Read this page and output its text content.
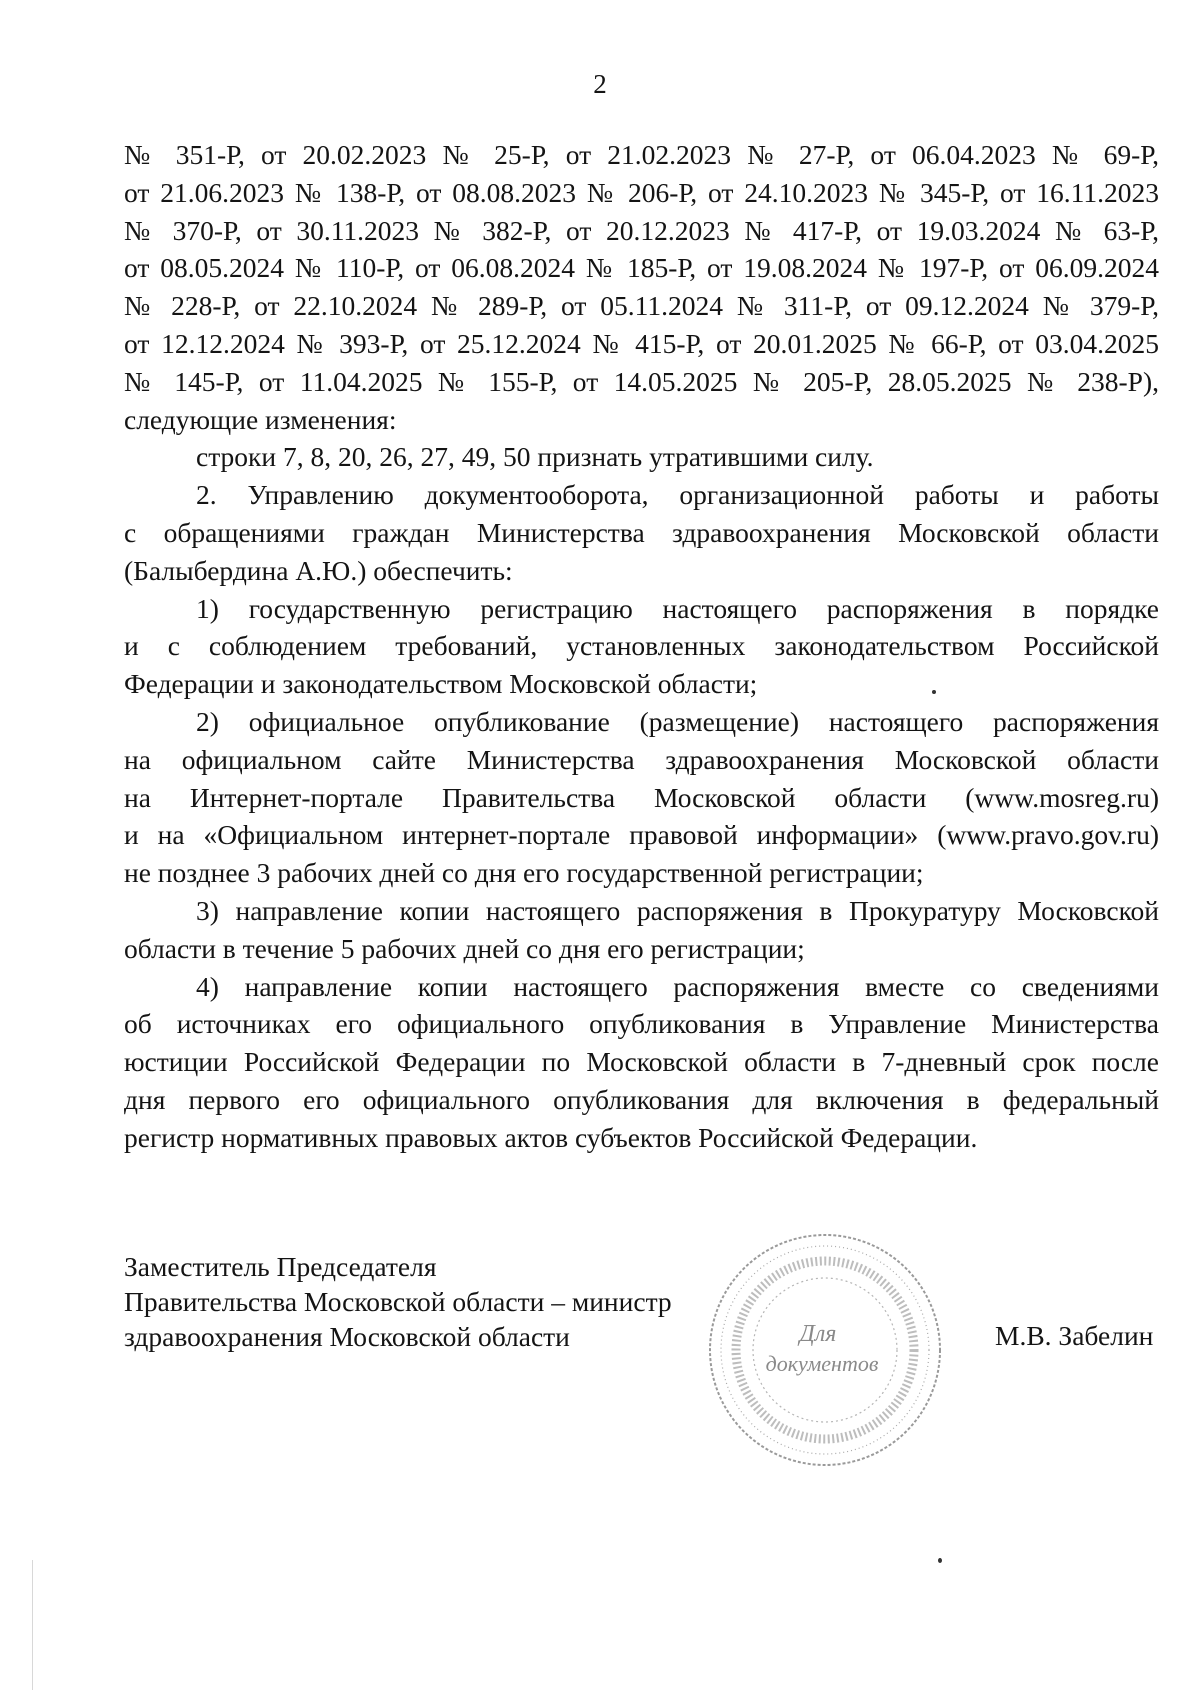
2
№ 351-Р, от 20.02.2023 № 25-Р, от 21.02.2023 № 27-Р, от 06.04.2023 № 69-Р,
от 21.06.2023 № 138-Р, от 08.08.2023 № 206-Р, от 24.10.2023 № 345-Р, от 16.11.2023
№ 370-Р, от 30.11.2023 № 382-Р, от 20.12.2023 № 417-Р, от 19.03.2024 № 63-Р,
от 08.05.2024 № 110-Р, от 06.08.2024 № 185-Р, от 19.08.2024 № 197-Р, от 06.09.2024
№ 228-Р, от 22.10.2024 № 289-Р, от 05.11.2024 № 311-Р, от 09.12.2024 № 379-Р,
от 12.12.2024 № 393-Р, от 25.12.2024 № 415-Р, от 20.01.2025 № 66-Р, от 03.04.2025
№ 145-Р, от 11.04.2025 № 155-Р, от 14.05.2025 № 205-Р, 28.05.2025 № 238-Р),
следующие изменения:
строки 7, 8, 20, 26, 27, 49, 50 признать утратившими силу.
2. Управлению документооборота, организационной работы и работы
с обращениями граждан Министерства здравоохранения Московской области
(Балыбердина А.Ю.) обеспечить:
1) государственную регистрацию настоящего распоряжения в порядке
и с соблюдением требований, установленных законодательством Российской
Федерации и законодательством Московской области;
2) официальное опубликование (размещение) настоящего распоряжения
на официальном сайте Министерства здравоохранения Московской области
на Интернет-портале Правительства Московской области (www.mosreg.ru)
и на «Официальном интернет-портале правовой информации» (www.pravo.gov.ru)
не позднее 3 рабочих дней со дня его государственной регистрации;
3) направление копии настоящего распоряжения в Прокуратуру Московской
области в течение 5 рабочих дней со дня его регистрации;
4) направление копии настоящего распоряжения вместе со сведениями
об источниках его официального опубликования в Управление Министерства
юстиции Российской Федерации по Московской области в 7-дневный срок после
дня первого его официального опубликования для включения в федеральный
регистр нормативных правовых актов субъектов Российской Федерации.
Заместитель Председателя
Правительства Московской области – министр
здравоохранения Московской области	М.В. Забелин
Для
документов
